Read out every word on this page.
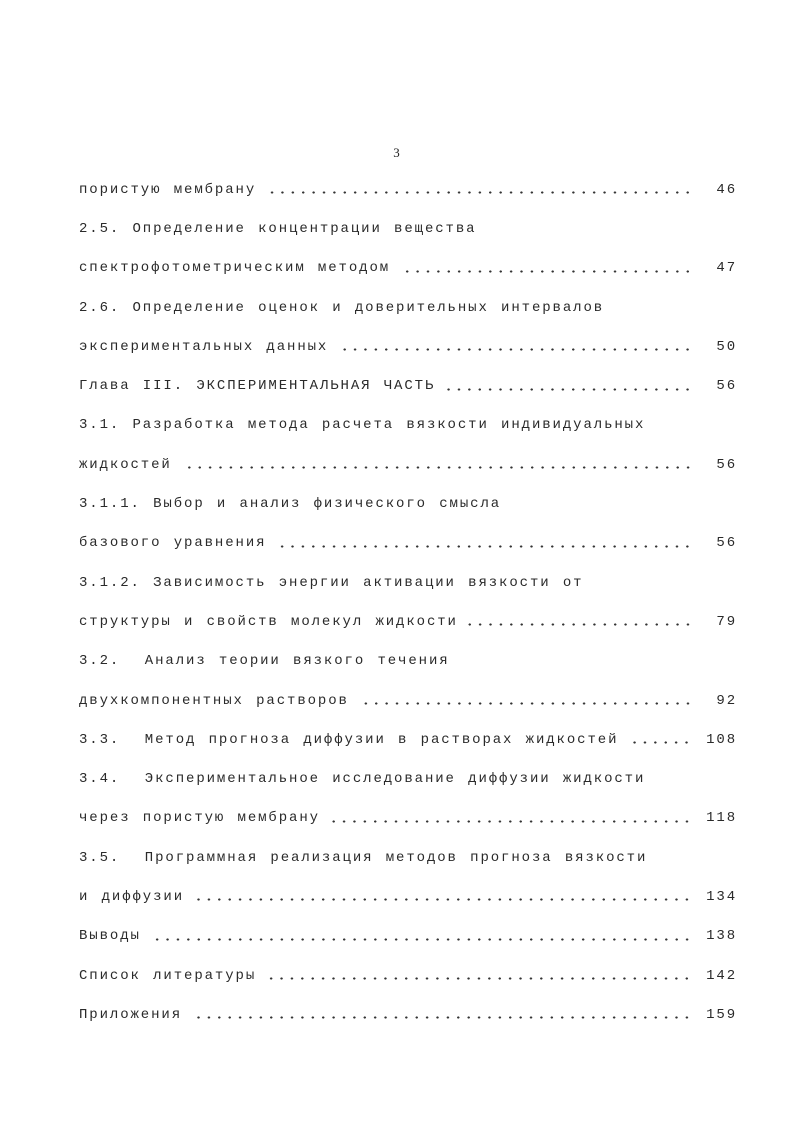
3
пористую мембрану	46
2.5. Определение концентрации вещества
спектрофотометрическим методом	47
2.6. Определение оценок и доверительных интервалов
экспериментальных данных	50
Глава III. ЭКСПЕРИМЕНТАЛЬНАЯ ЧАСТЬ	56
3.1. Разработка метода расчета вязкости индивидуальных
жидкостей	56
3.1.1. Выбор и анализ физического смысла
базового уравнения	56
3.1.2. Зависимость энергии активации вязкости от
структуры и свойств молекул жидкости	79
3.2.  Анализ теории вязкого течения
двухкомпонентных растворов	92
3.3.  Метод прогноза диффузии в растворах жидкостей	108
3.4.  Экспериментальное исследование диффузии жидкости
через пористую мембрану	118
3.5.  Программная реализация методов прогноза вязкости
и диффузии	134
Выводы	138
Список литературы	142
Приложения	159
